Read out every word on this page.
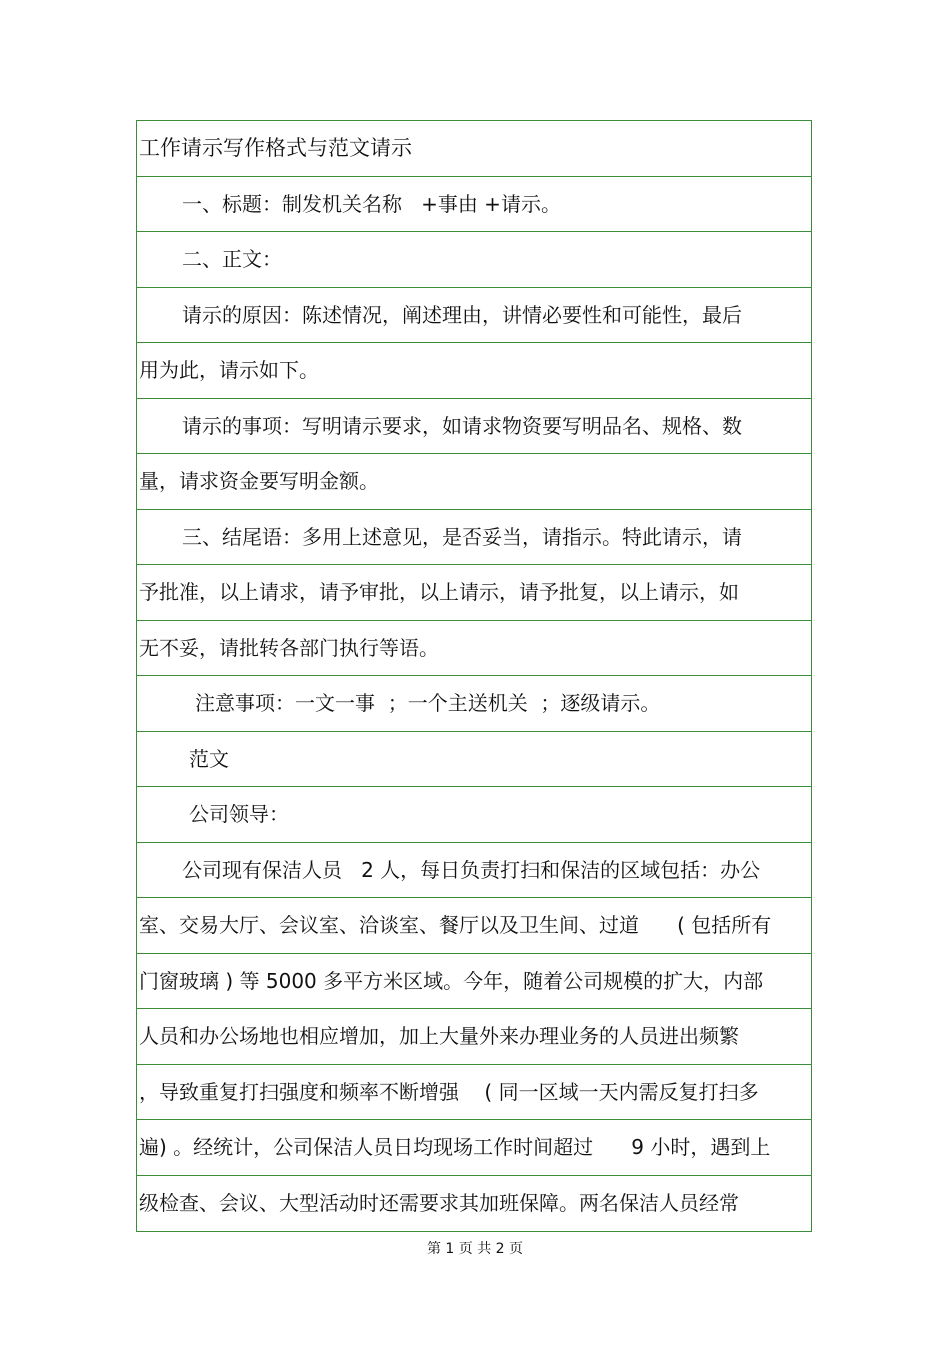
工作请示写作格式与范文请示
一、标题：制发机关名称   +事由 +请示。
二、正文：
请示的原因：陈述情况，阐述理由，讲情必要性和可能性，最后
用为此，请示如下。
请示的事项：写明请示要求，如请求物资要写明品名、规格、数
量，请求资金要写明金额。
三、结尾语：多用上述意见，是否妥当，请指示。特此请示，请
予批准，以上请求，请予审批，以上请示，请予批复，以上请示，如
无不妥，请批转各部门执行等语。
注意事项：一文一事  ；一个主送机关  ；逐级请示。
范文
公司领导：
公司现有保洁人员   2 人，每日负责打扫和保洁的区域包括：办公
室、交易大厅、会议室、洽谈室、餐厅以及卫生间、过道      ( 包括所有
门窗玻璃 ) 等 5000 多平方米区域。今年，随着公司规模的扩大，内部
人员和办公场地也相应增加，加上大量外来办理业务的人员进出频繁
，导致重复打扫强度和频率不断增强    ( 同一区域一天内需反复打扫多
遍) 。经统计，公司保洁人员日均现场工作时间超过      9 小时，遇到上
级检查、会议、大型活动时还需要求其加班保障。两名保洁人员经常
第 1 页 共 2 页
